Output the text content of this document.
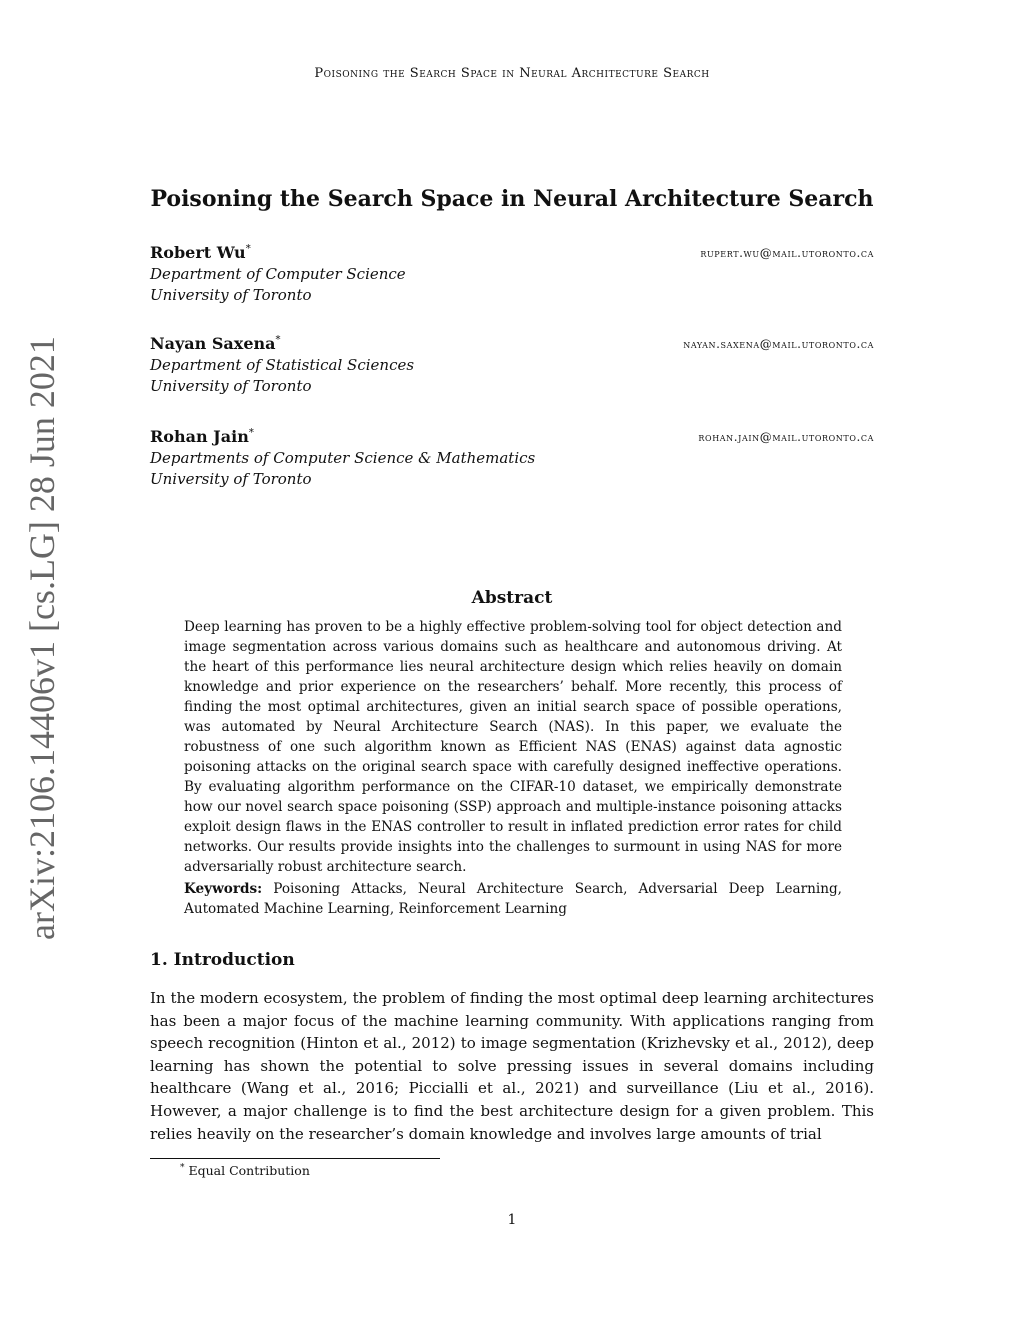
Poisoning the Search Space in Neural Architecture Search
arXiv:2106.14406v1 [cs.LG] 28 Jun 2021
Poisoning the Search Space in Neural Architecture Search
Robert Wu*	rupert.wu@mail.utoronto.ca
Department of Computer Science
University of Toronto
Nayan Saxena*	nayan.saxena@mail.utoronto.ca
Department of Statistical Sciences
University of Toronto
Rohan Jain*	rohan.jain@mail.utoronto.ca
Departments of Computer Science & Mathematics
University of Toronto
Abstract
Deep learning has proven to be a highly effective problem-solving tool for object detection and image segmentation across various domains such as healthcare and autonomous driving. At the heart of this performance lies neural architecture design which relies heavily on domain knowledge and prior experience on the researchers’ behalf. More recently, this process of finding the most optimal architectures, given an initial search space of possible operations, was automated by Neural Architecture Search (NAS). In this paper, we evaluate the robustness of one such algorithm known as Efficient NAS (ENAS) against data agnostic poisoning attacks on the original search space with carefully designed ineffective operations. By evaluating algorithm performance on the CIFAR-10 dataset, we empirically demonstrate how our novel search space poisoning (SSP) approach and multiple-instance poisoning attacks exploit design flaws in the ENAS controller to result in inflated prediction error rates for child networks. Our results provide insights into the challenges to surmount in using NAS for more adversarially robust architecture search.
Keywords: Poisoning Attacks, Neural Architecture Search, Adversarial Deep Learning, Automated Machine Learning, Reinforcement Learning
1. Introduction
In the modern ecosystem, the problem of finding the most optimal deep learning architectures has been a major focus of the machine learning community. With applications ranging from speech recognition (Hinton et al., 2012) to image segmentation (Krizhevsky et al., 2012), deep learning has shown the potential to solve pressing issues in several domains including healthcare (Wang et al., 2016; Piccialli et al., 2021) and surveillance (Liu et al., 2016). However, a major challenge is to find the best architecture design for a given problem. This relies heavily on the researcher’s domain knowledge and involves large amounts of trial
* Equal Contribution
1
